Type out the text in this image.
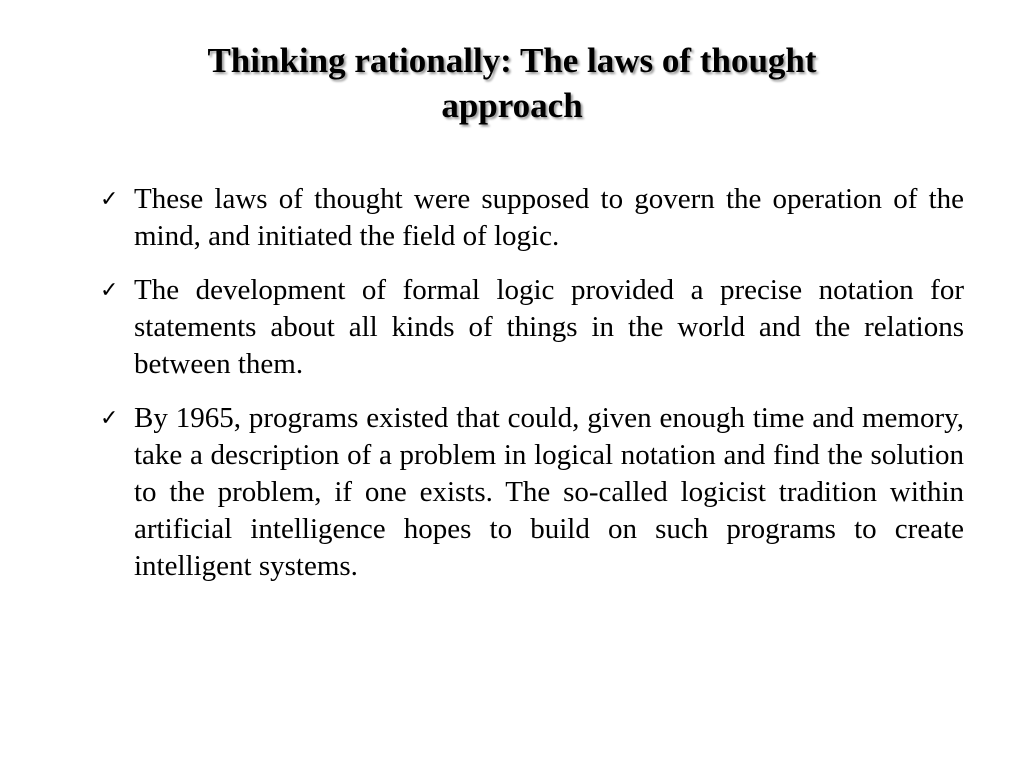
Thinking rationally: The laws of thought
approach
✓ These laws of thought were supposed to govern the operation of the mind, and initiated the field of logic.
✓ The development of formal logic provided a precise notation for statements about all kinds of things in the world and the relations between them.
✓ By 1965, programs existed that could, given enough time and memory, take a description of a problem in logical notation and find the solution to the problem, if one exists. The so-called logicist tradition within artificial intelligence hopes to build on such programs to create intelligent systems.
